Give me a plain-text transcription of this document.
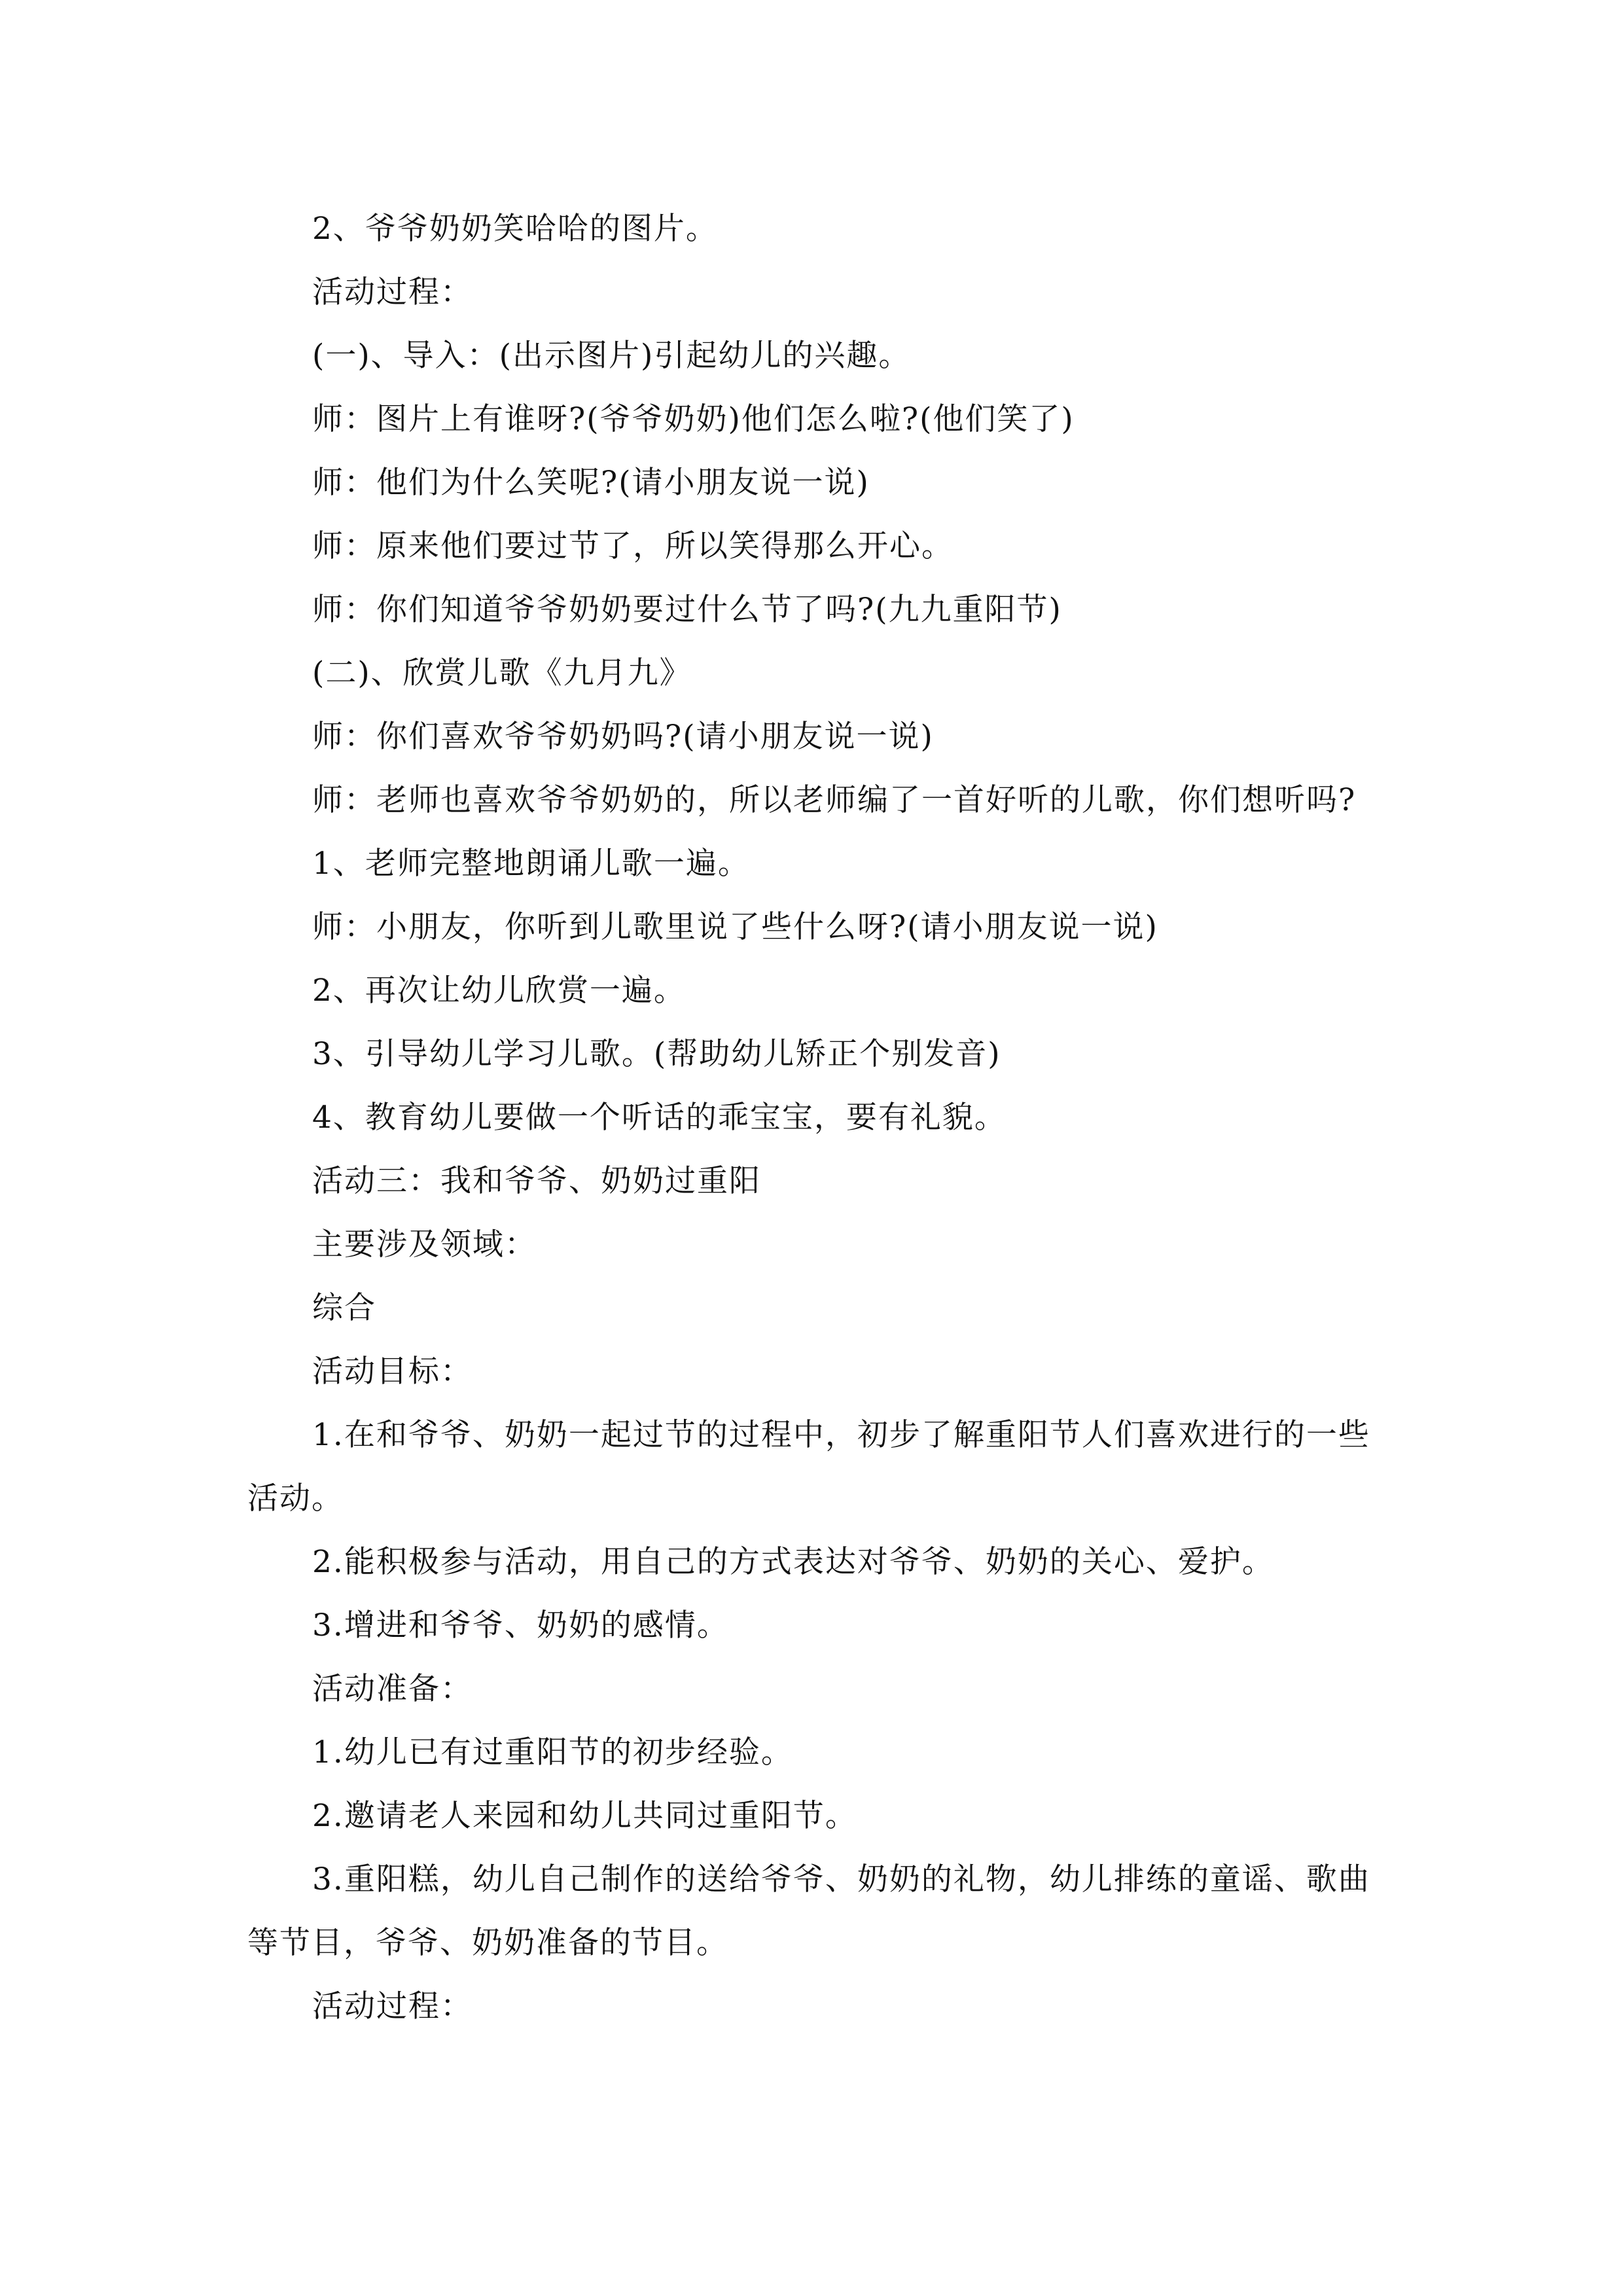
2、爷爷奶奶笑哈哈的图片。
活动过程：
(一)、导入：(出示图片)引起幼儿的兴趣。
师：图片上有谁呀?(爷爷奶奶)他们怎么啦?(他们笑了)
师：他们为什么笑呢?(请小朋友说一说)
师：原来他们要过节了，所以笑得那么开心。
师：你们知道爷爷奶奶要过什么节了吗?(九九重阳节)
(二)、欣赏儿歌《九月九》
师：你们喜欢爷爷奶奶吗?(请小朋友说一说)
师：老师也喜欢爷爷奶奶的，所以老师编了一首好听的儿歌，你们想听吗?
1、老师完整地朗诵儿歌一遍。
师：小朋友，你听到儿歌里说了些什么呀?(请小朋友说一说)
2、再次让幼儿欣赏一遍。
3、引导幼儿学习儿歌。(帮助幼儿矫正个别发音)
4、教育幼儿要做一个听话的乖宝宝，要有礼貌。
活动三：我和爷爷、奶奶过重阳
主要涉及领域：
综合
活动目标：
1.在和爷爷、奶奶一起过节的过程中，初步了解重阳节人们喜欢进行的一些
活动。
2.能积极参与活动，用自己的方式表达对爷爷、奶奶的关心、爱护。
3.增进和爷爷、奶奶的感情。
活动准备：
1.幼儿已有过重阳节的初步经验。
2.邀请老人来园和幼儿共同过重阳节。
3.重阳糕，幼儿自己制作的送给爷爷、奶奶的礼物，幼儿排练的童谣、歌曲
等节目，爷爷、奶奶准备的节目。
活动过程：
